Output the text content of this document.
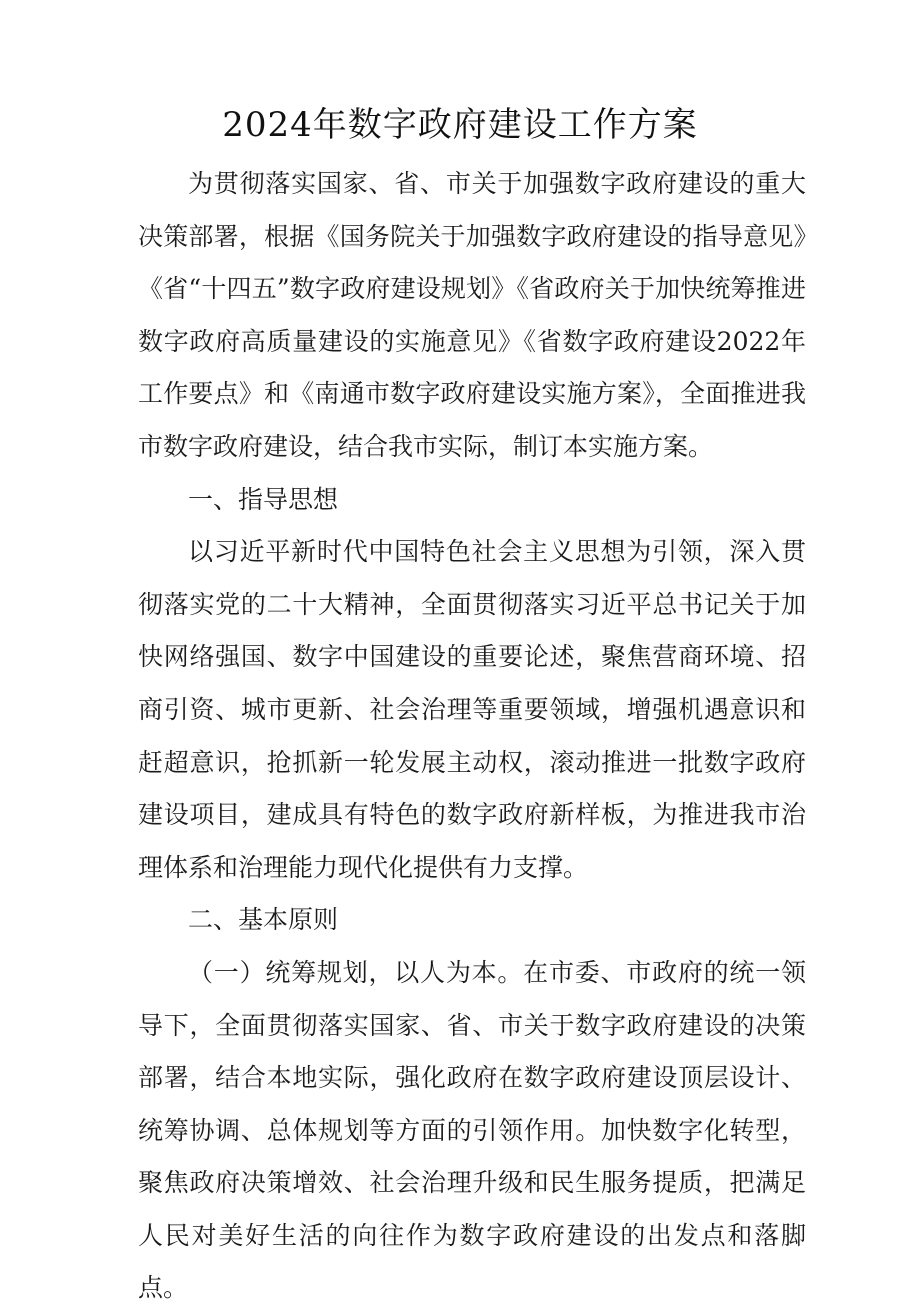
2024年数字政府建设工作方案

为贯彻落实国家、省、市关于加强数字政府建设的重大决策部署，根据《国务院关于加强数字政府建设的指导意见》《省“十四五”数字政府建设规划》《省政府关于加快统筹推进数字政府高质量建设的实施意见》《省数字政府建设2022年工作要点》和《南通市数字政府建设实施方案》，全面推进我市数字政府建设，结合我市实际，制订本实施方案。

一、指导思想

以习近平新时代中国特色社会主义思想为引领，深入贯彻落实党的二十大精神，全面贯彻落实习近平总书记关于加快网络强国、数字中国建设的重要论述，聚焦营商环境、招商引资、城市更新、社会治理等重要领域，增强机遇意识和赶超意识，抢抓新一轮发展主动权，滚动推进一批数字政府建设项目，建成具有特色的数字政府新样板，为推进我市治理体系和治理能力现代化提供有力支撑。

二、基本原则

（一）统筹规划，以人为本。在市委、市政府的统一领导下，全面贯彻落实国家、省、市关于数字政府建设的决策部署，结合本地实际，强化政府在数字政府建设顶层设计、统筹协调、总体规划等方面的引领作用。加快数字化转型，聚焦政府决策增效、社会治理升级和民生服务提质，把满足人民对美好生活的向往作为数字政府建设的出发点和落脚点。
